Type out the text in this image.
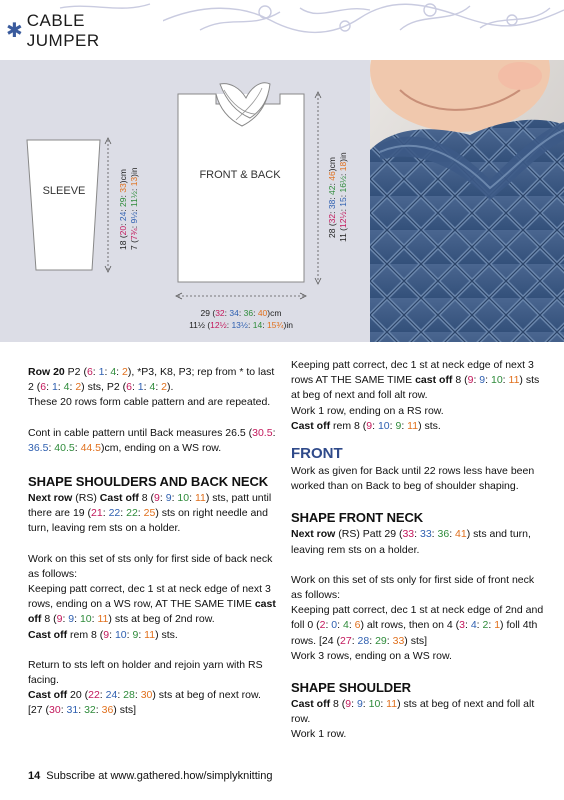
✱ CABLE JUMPER
SLEEVE
18 (20: 24: 29: 33)cm
7 (7¾: 9½: 11½: 13)in	FRONT & BACK
28 (32: 38: 42: 46)cm
11 (12½: 15: 16½: 18)in
29 (32: 34: 36: 40)cm
11½ (12½: 13½: 14: 15¾)in

Row 20 P2 (6: 1: 4: 2), *P3, K8, P3; rep from * to last 2 (6: 1: 4: 2) sts, P2 (6: 1: 4: 2).

These 20 rows form cable pattern and are repeated.

Cont in cable pattern until Back measures 26.5 (30.5: 36.5: 40.5: 44.5)cm, ending on a WS row.

SHAPE SHOULDERS AND BACK NECK

Next row (RS) Cast off 8 (9: 9: 10: 11) sts, patt until there are 19 (21: 22: 22: 25) sts on right needle and turn, leaving rem sts on a holder.

Work on this set of sts only for first side of back neck as follows:

Keeping patt correct, dec 1 st at neck edge of next 3 rows, ending on a WS row, AT THE SAME TIME cast off 8 (9: 9: 10: 11) sts at beg of 2nd row.

Cast off rem 8 (9: 10: 9: 11) sts.

Return to sts left on holder and rejoin yarn with RS facing.

Cast off 20 (22: 24: 28: 30) sts at beg of next row. [27 (30: 31: 32: 36) sts]

Keeping patt correct, dec 1 st at neck edge of next 3 rows AT THE SAME TIME cast off 8 (9: 9: 10: 11) sts at beg of next and foll alt row.

Work 1 row, ending on a RS row.

Cast off rem 8 (9: 10: 9: 11) sts.

FRONT

Work as given for Back until 22 rows less have been worked than on Back to beg of shoulder shaping.

SHAPE FRONT NECK

Next row (RS) Patt 29 (33: 33: 36: 41) sts and turn, leaving rem sts on a holder.

Work on this set of sts only for first side of front neck as follows:

Keeping patt correct, dec 1 st at neck edge of 2nd and foll 0 (2: 0: 4: 6) alt rows, then on 4 (3: 4: 2: 1) foll 4th rows. [24 (27: 28: 29: 33) sts]

Work 3 rows, ending on a WS row.

SHAPE SHOULDER

Cast off 8 (9: 9: 10: 11) sts at beg of next and foll alt row.

Work 1 row.

14 Subscribe at www.gathered.how/simplyknitting
